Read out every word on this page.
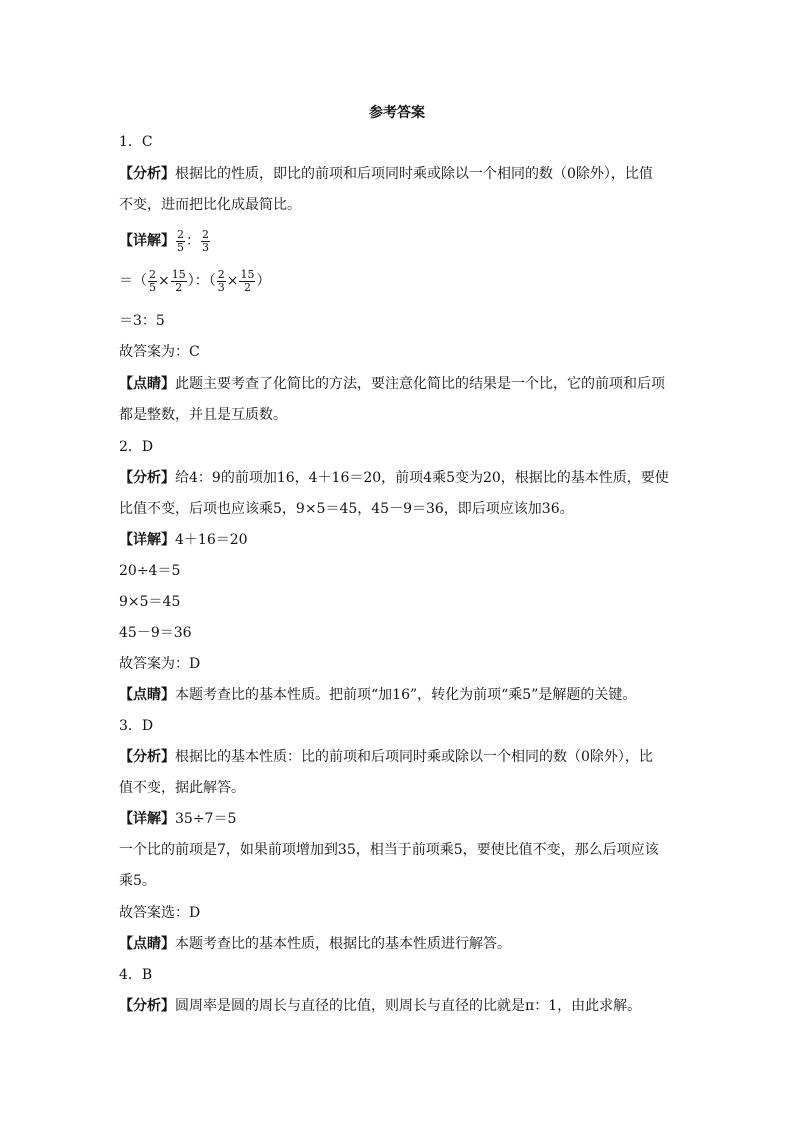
参考答案
1．C
【分析】根据比的性质，即比的前项和后项同时乘或除以一个相同的数（0除外），比值
不变，进而把比化成最简比。
【详解】 $\frac{2}{5}$ ： $\frac{2}{3}$
＝（ $\frac{2}{5} \times \frac{15}{2}$ ）：（ $\frac{2}{3} \times \frac{15}{2}$ ）
＝3：5
故答案为：C
【点睛】此题主要考查了化简比的方法，要注意化简比的结果是一个比，它的前项和后项
都是整数，并且是互质数。
2．D
【分析】给4：9的前项加16，4＋16＝20，前项4乘5变为20，根据比的基本性质，要使
比值不变，后项也应该乘5，9×5＝45，45－9＝36，即后项应该加36。
【详解】4＋16＝20
20÷4＝5
9×5＝45
45－9＝36
故答案为：D
【点睛】本题考查比的基本性质。把前项“加16”，转化为前项“乘5”是解题的关键。
3．D
【分析】根据比的基本性质：比的前项和后项同时乘或除以一个相同的数（0除外），比
值不变，据此解答。
【详解】35÷7＝5
一个比的前项是7，如果前项增加到35，相当于前项乘5，要使比值不变，那么后项应该
乘5。
故答案选：D
【点睛】本题考查比的基本性质，根据比的基本性质进行解答。
4．B
【分析】圆周率是圆的周长与直径的比值，则周长与直径的比就是π：1，由此求解。
